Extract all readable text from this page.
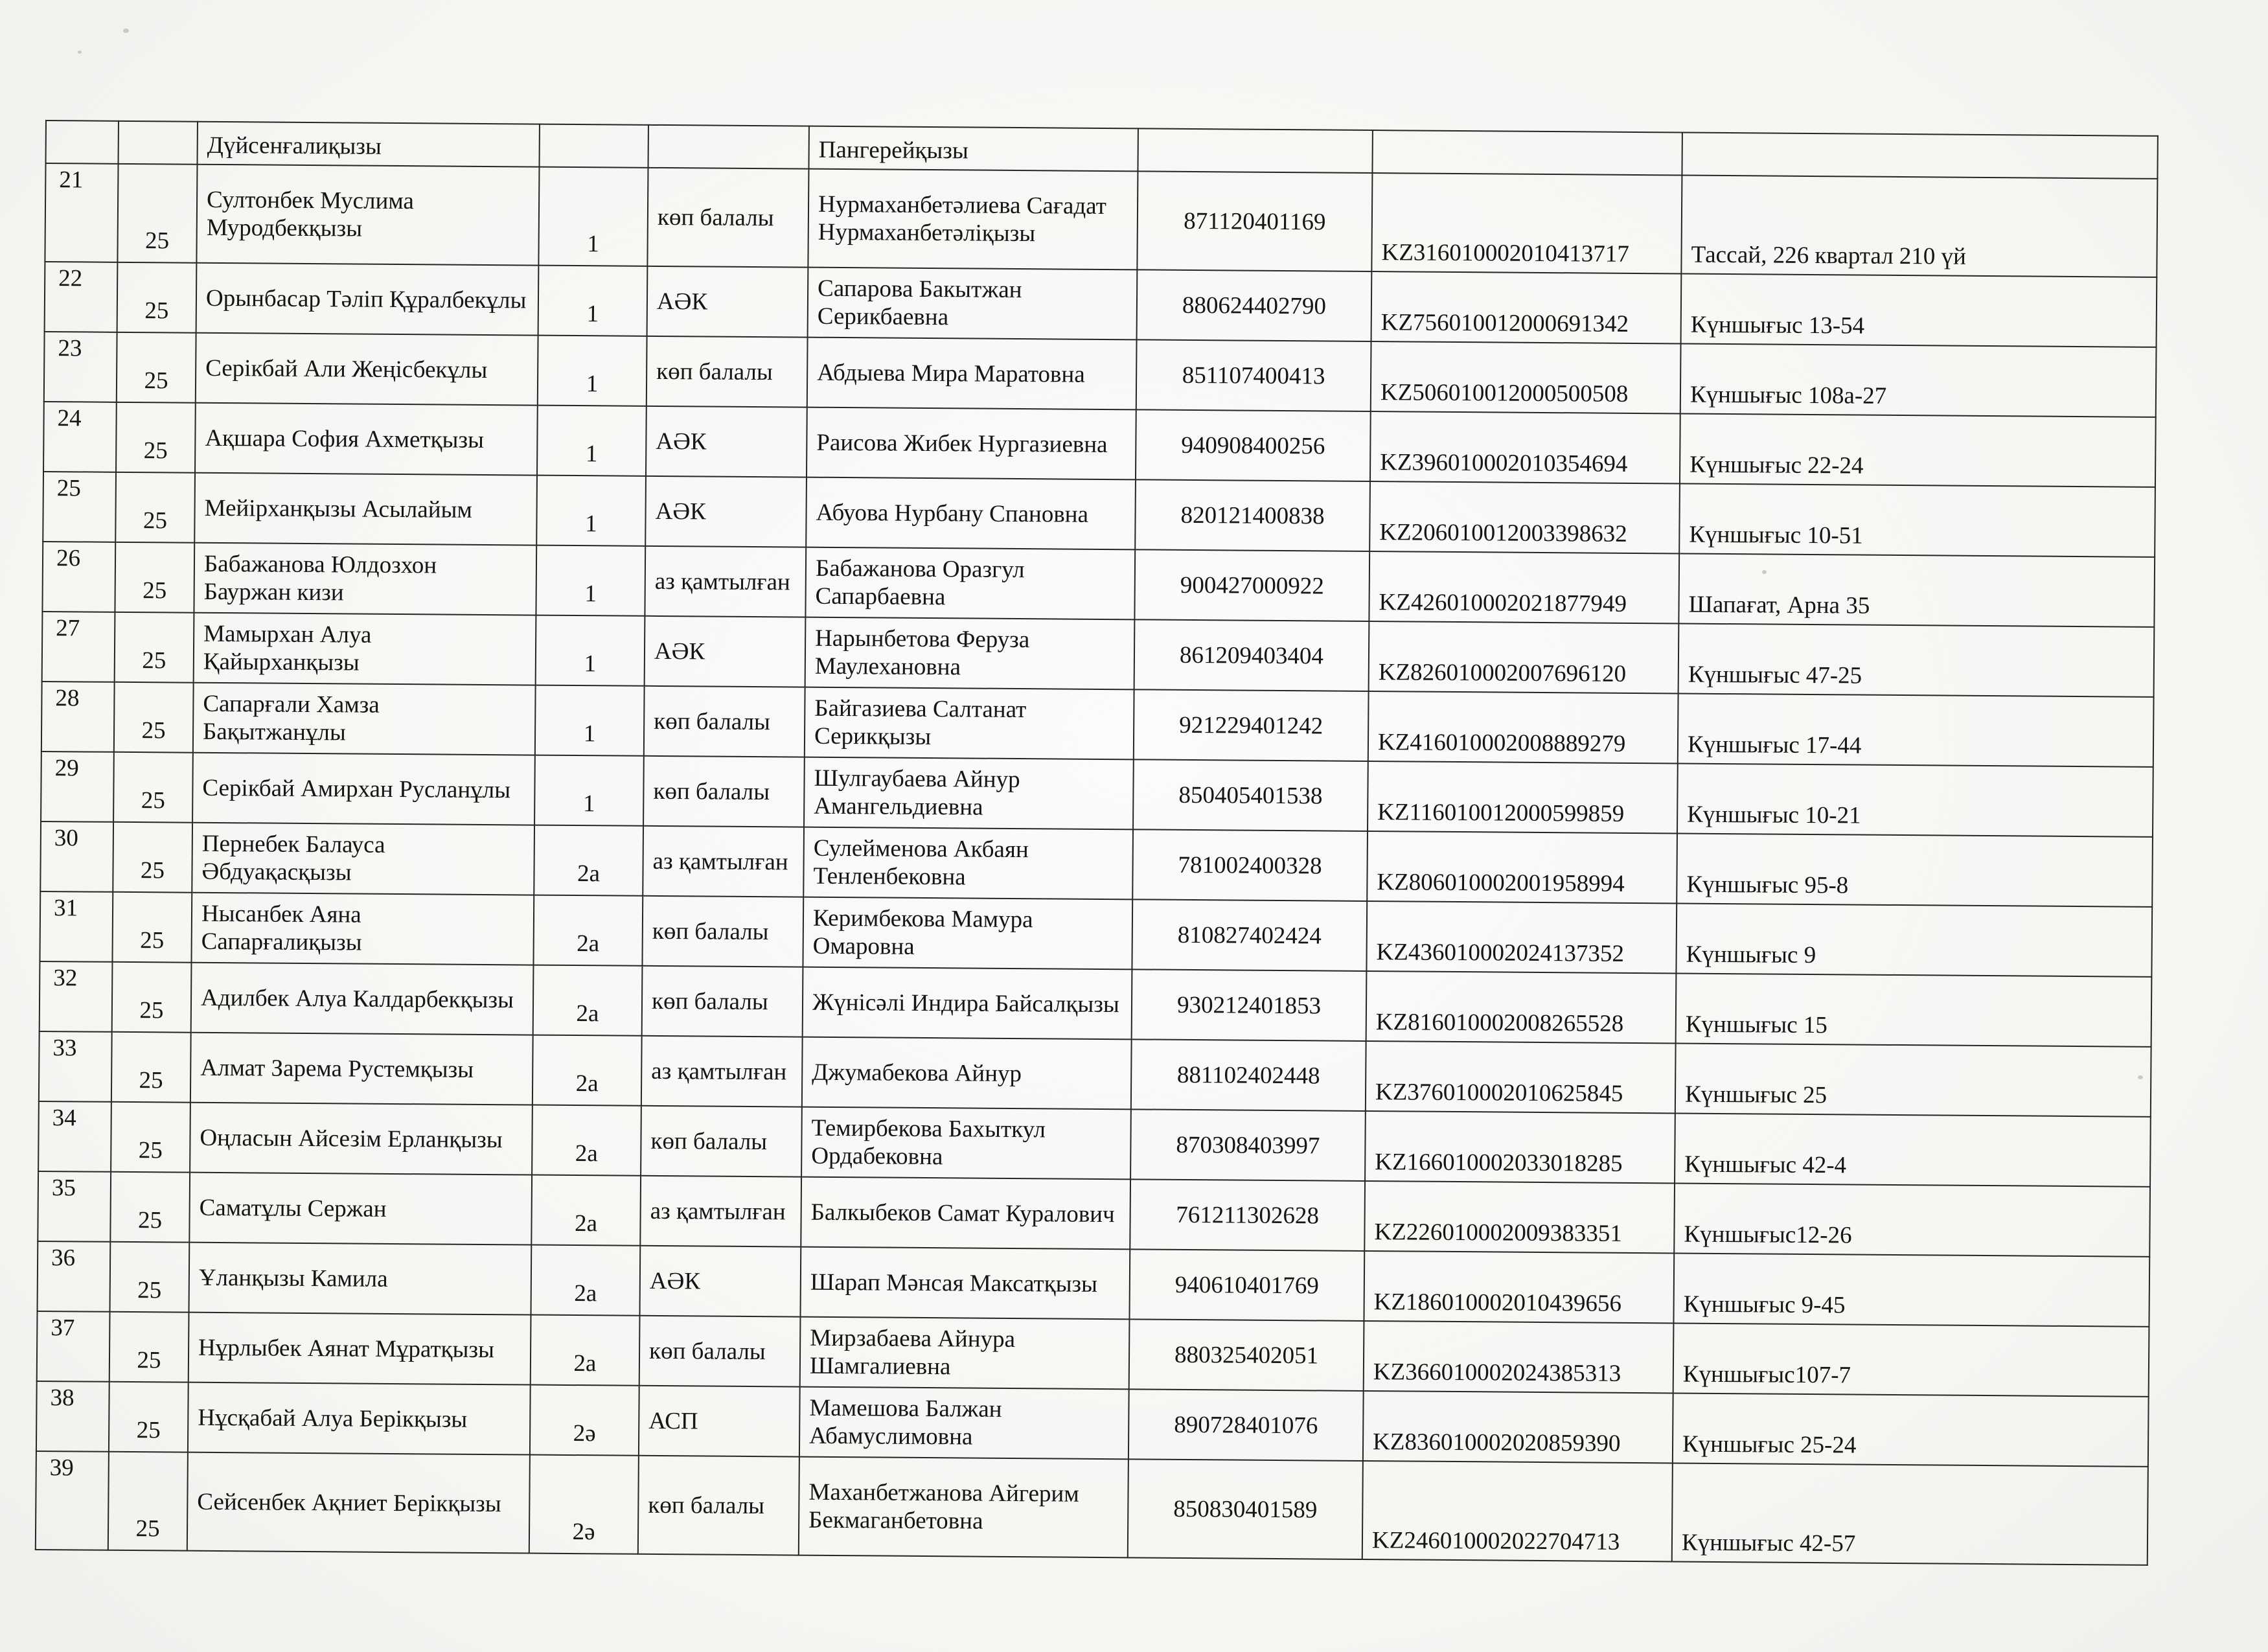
		Дүйсенғалиқызы			Пангерейқызы			
21	25	Султонбек Муслима Муродбекқызы	1	көп балалы	Нурмаханбетәлиева Сағадат Нурмаханбетәліқызы	871120401169	KZ316010002010413717	Тассай, 226 квартал 210 үй
22	25	Орынбасар Тәліп Құралбекұлы	1	АӘК	Сапарова Бакытжан Серикбаевна	880624402790	KZ756010012000691342	Күншығыс 13-54
23	25	Серікбай Али Жеңісбекұлы	1	көп балалы	Абдыева Мира Маратовна	851107400413	KZ506010012000500508	Күншығыс 108а-27
24	25	Ақшара София Ахметқызы	1	АӘК	Раисова Жибек Нургазиевна	940908400256	KZ396010002010354694	Күншығыс 22-24
25	25	Мейірханқызы Асылайым	1	АӘК	Абуова Нурбану Спановна	820121400838	KZ206010012003398632	Күншығыс 10-51
26	25	Бабажанова Юлдозхон Бауржан кизи	1	аз қамтылған	Бабажанова Оразгул Сапарбаевна	900427000922	KZ426010002021877949	Шапағат, Арна 35
27	25	Мамырхан Алуа Қайырханқызы	1	АӘК	Нарынбетова Феруза Маулехановна	861209403404	KZ826010002007696120	Күншығыс 47-25
28	25	Сапарғали Хамза Бақытжанұлы	1	көп балалы	Байгазиева Салтанат Серикқызы	921229401242	KZ416010002008889279	Күншығыс 17-44
29	25	Серікбай Амирхан Русланұлы	1	көп балалы	Шулгаубаева Айнур Амангельдиевна	850405401538	KZ116010012000599859	Күншығыс 10-21
30	25	Пернебек Балауса Әбдуақасқызы	2а	аз қамтылған	Сулейменова Акбаян Тенленбековна	781002400328	KZ806010002001958994	Күншығыс 95-8
31	25	Нысанбек Аяна Сапарғалиқызы	2а	көп балалы	Керимбекова Мамура Омаровна	810827402424	KZ436010002024137352	Күншығыс 9
32	25	Адилбек Алуа Калдарбекқызы	2а	көп балалы	Жүнісәлі Индира Байсалқызы	930212401853	KZ816010002008265528	Күншығыс 15
33	25	Алмат Зарема Рустемқызы	2а	аз қамтылған	Джумабекова Айнур	881102402448	KZ376010002010625845	Күншығыс 25
34	25	Оңласын Айсезім Ерланқызы	2а	көп балалы	Темирбекова Бахыткул Ордабековна	870308403997	KZ166010002033018285	Күншығыс 42-4
35	25	Саматұлы Сержан	2а	аз қамтылған	Балкыбеков Самат Куралович	761211302628	KZ226010002009383351	Күншығыс12-26
36	25	Ұланқызы Камила	2а	АӘК	Шарап Мәнсая Максатқызы	940610401769	KZ186010002010439656	Күншығыс 9-45
37	25	Нұрлыбек Аянат Мұратқызы	2а	көп балалы	Мирзабаева Айнура Шамгалиевна	880325402051	KZ366010002024385313	Күншығыс107-7
38	25	Нұсқабай Алуа Берікқызы	2ә	АСП	Мамешова Балжан Абамуслимовна	890728401076	KZ836010002020859390	Күншығыс 25-24
39	25	Сейсенбек Ақниет Берікқызы	2ә	көп балалы	Маханбетжанова Айгерим Бекмаганбетовна	850830401589	KZ246010002022704713	Күншығыс 42-57
